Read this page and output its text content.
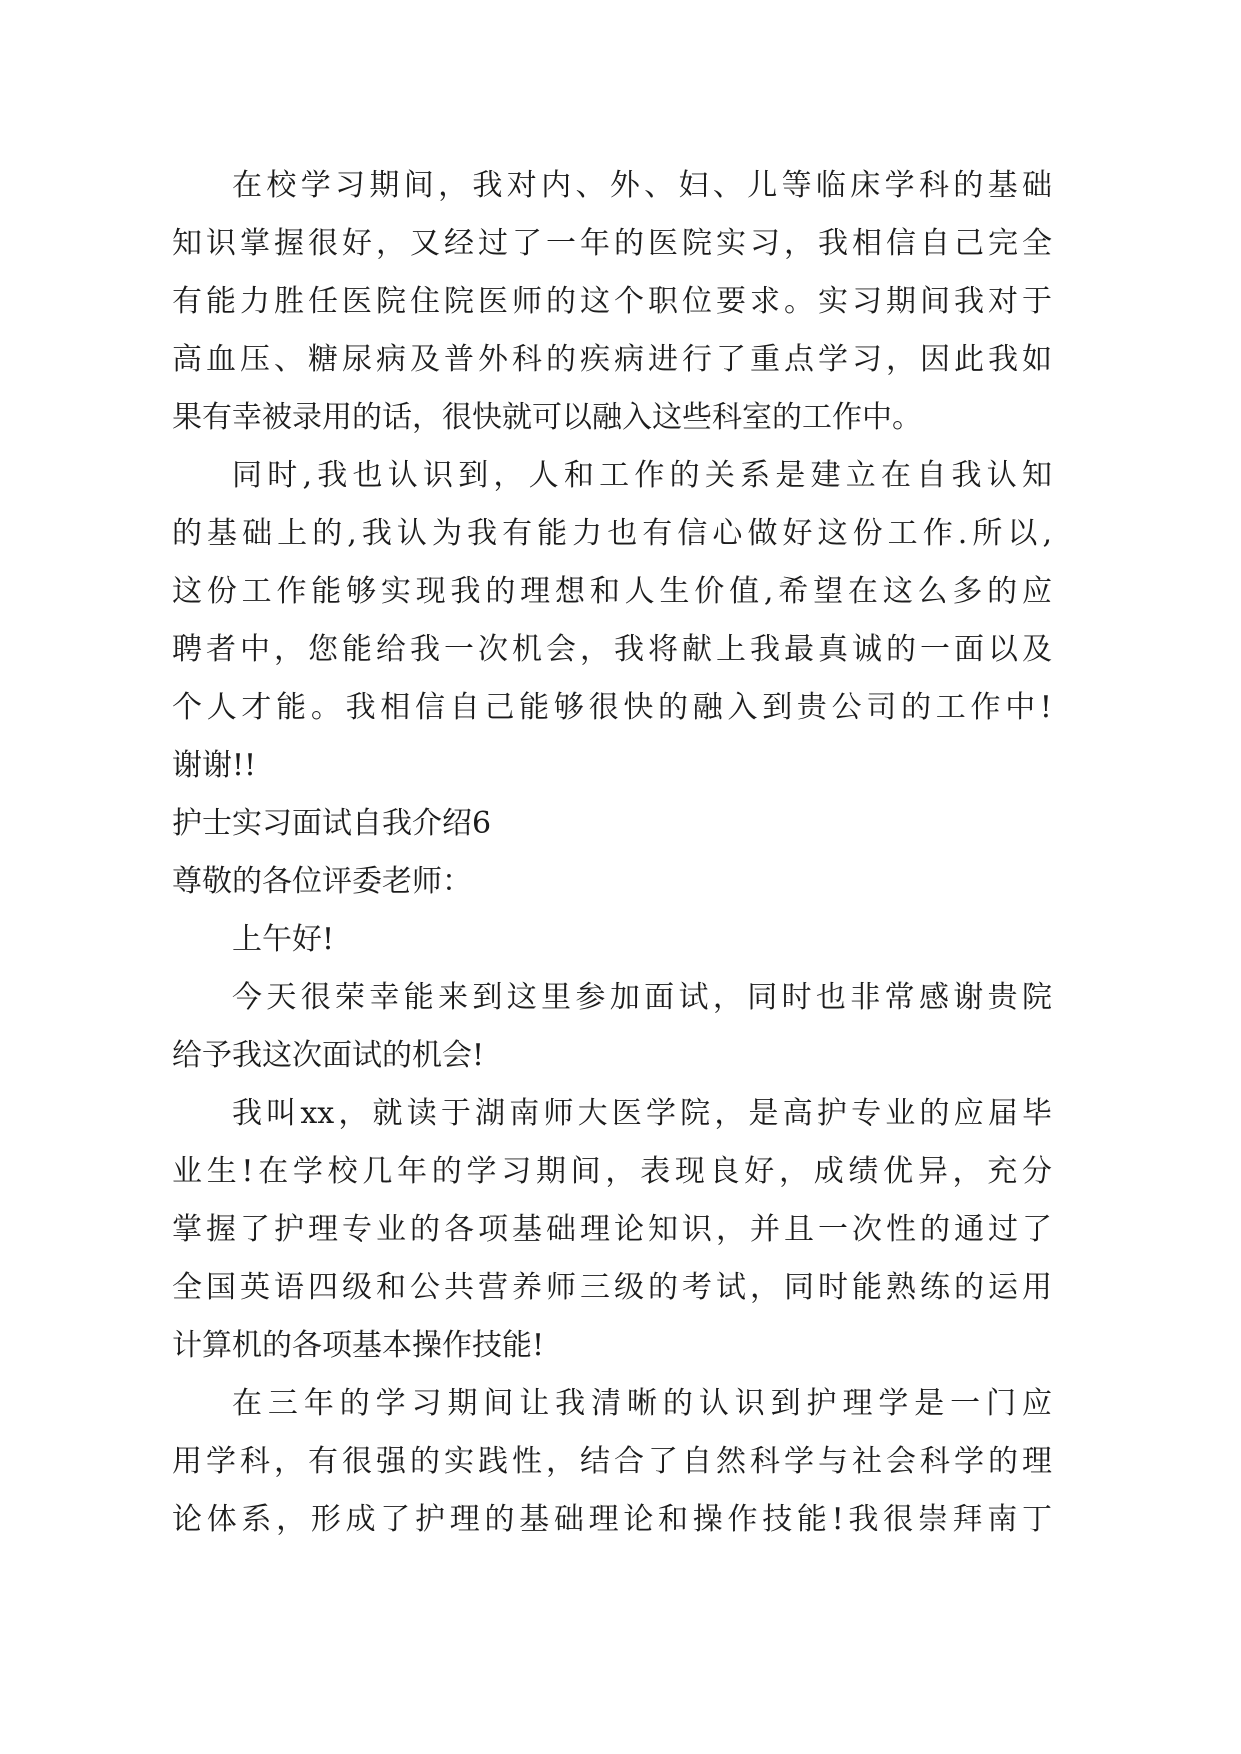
在校学习期间，我对内、外、妇、儿等临床学科的基础
知识掌握很好，又经过了一年的医院实习，我相信自己完全
有能力胜任医院住院医师的这个职位要求。实习期间我对于
高血压、糖尿病及普外科的疾病进行了重点学习，因此我如
果有幸被录用的话，很快就可以融入这些科室的工作中。
同时,我也认识到，人和工作的关系是建立在自我认知
的基础上的,我认为我有能力也有信心做好这份工作.所以,
这份工作能够实现我的理想和人生价值,希望在这么多的应
聘者中，您能给我一次机会，我将献上我最真诚的一面以及
个人才能。我相信自己能够很快的融入到贵公司的工作中!
谢谢!!
护士实习面试自我介绍6
尊敬的各位评委老师：
上午好!
今天很荣幸能来到这里参加面试，同时也非常感谢贵院
给予我这次面试的机会!
我叫xx，就读于湖南师大医学院，是高护专业的应届毕
业生!在学校几年的学习期间，表现良好，成绩优异，充分
掌握了护理专业的各项基础理论知识，并且一次性的通过了
全国英语四级和公共营养师三级的考试，同时能熟练的运用
计算机的各项基本操作技能!
在三年的学习期间让我清晰的认识到护理学是一门应
用学科，有很强的实践性，结合了自然科学与社会科学的理
论体系，形成了护理的基础理论和操作技能!我很崇拜南丁
